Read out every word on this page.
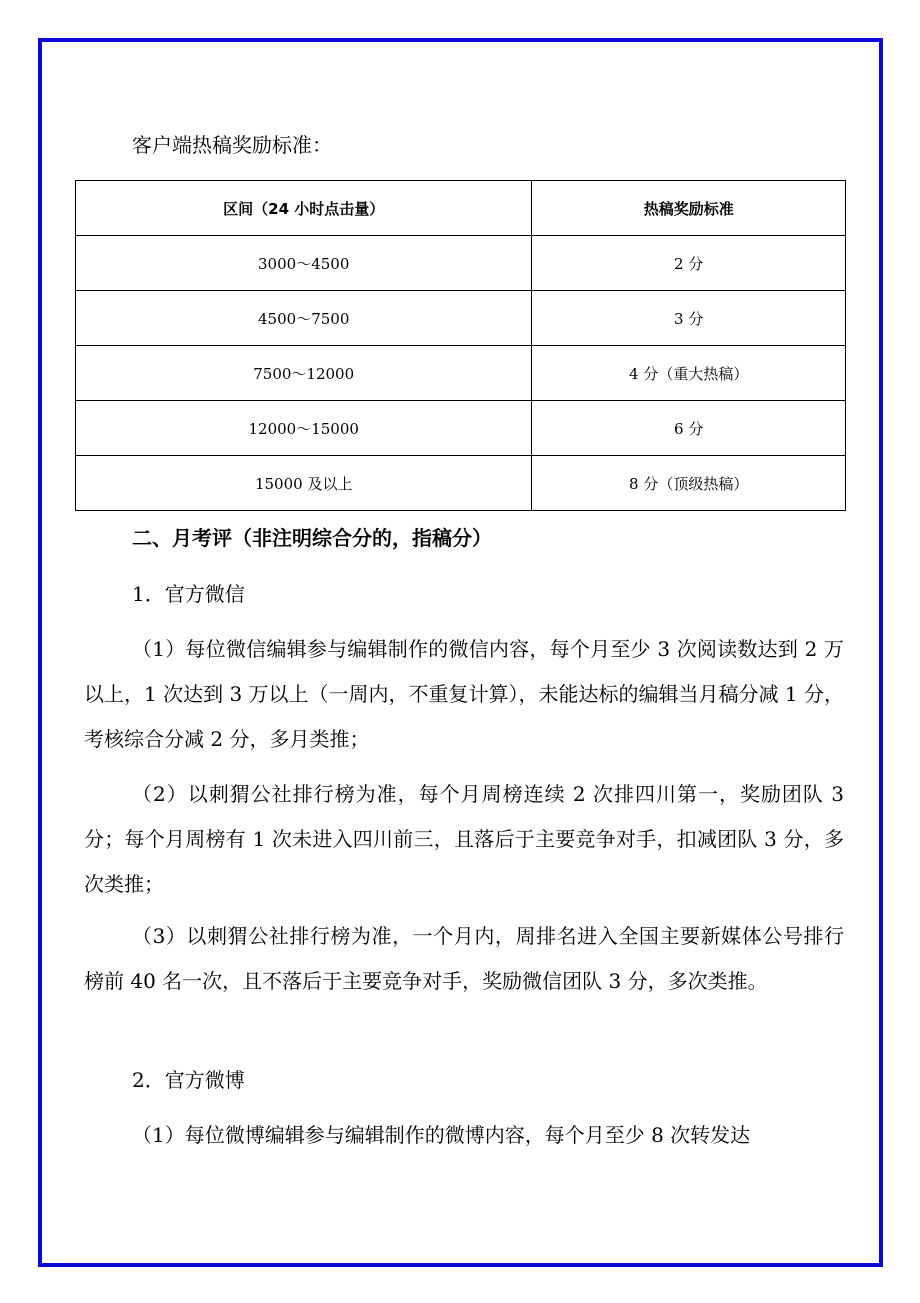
客户端热稿奖励标准：
区间（24 小时点击量）	热稿奖励标准
3000～4500	2 分
4500～7500	3 分
7500～12000	4 分（重大热稿）
12000～15000	6 分
15000 及以上	8 分（顶级热稿）
二、月考评（非注明综合分的，指稿分）
1．官方微信

（1）每位微信编辑参与编辑制作的微信内容，每个月至少 3 次阅读数达到 2 万以上，1 次达到 3 万以上（一周内，不重复计算），未能达标的编辑当月稿分减 1 分，考核综合分减 2 分，多月类推；

（2）以刺猬公社排行榜为准，每个月周榜连续 2 次排四川第一，奖励团队 3 分；每个月周榜有 1 次未进入四川前三，且落后于主要竞争对手，扣减团队 3 分，多次类推；

（3）以刺猬公社排行榜为准，一个月内，周排名进入全国主要新媒体公号排行榜前 40 名一次，且不落后于主要竞争对手，奖励微信团队 3 分，多次类推。

2．官方微博

（1）每位微博编辑参与编辑制作的微博内容，每个月至少 8 次转发达
